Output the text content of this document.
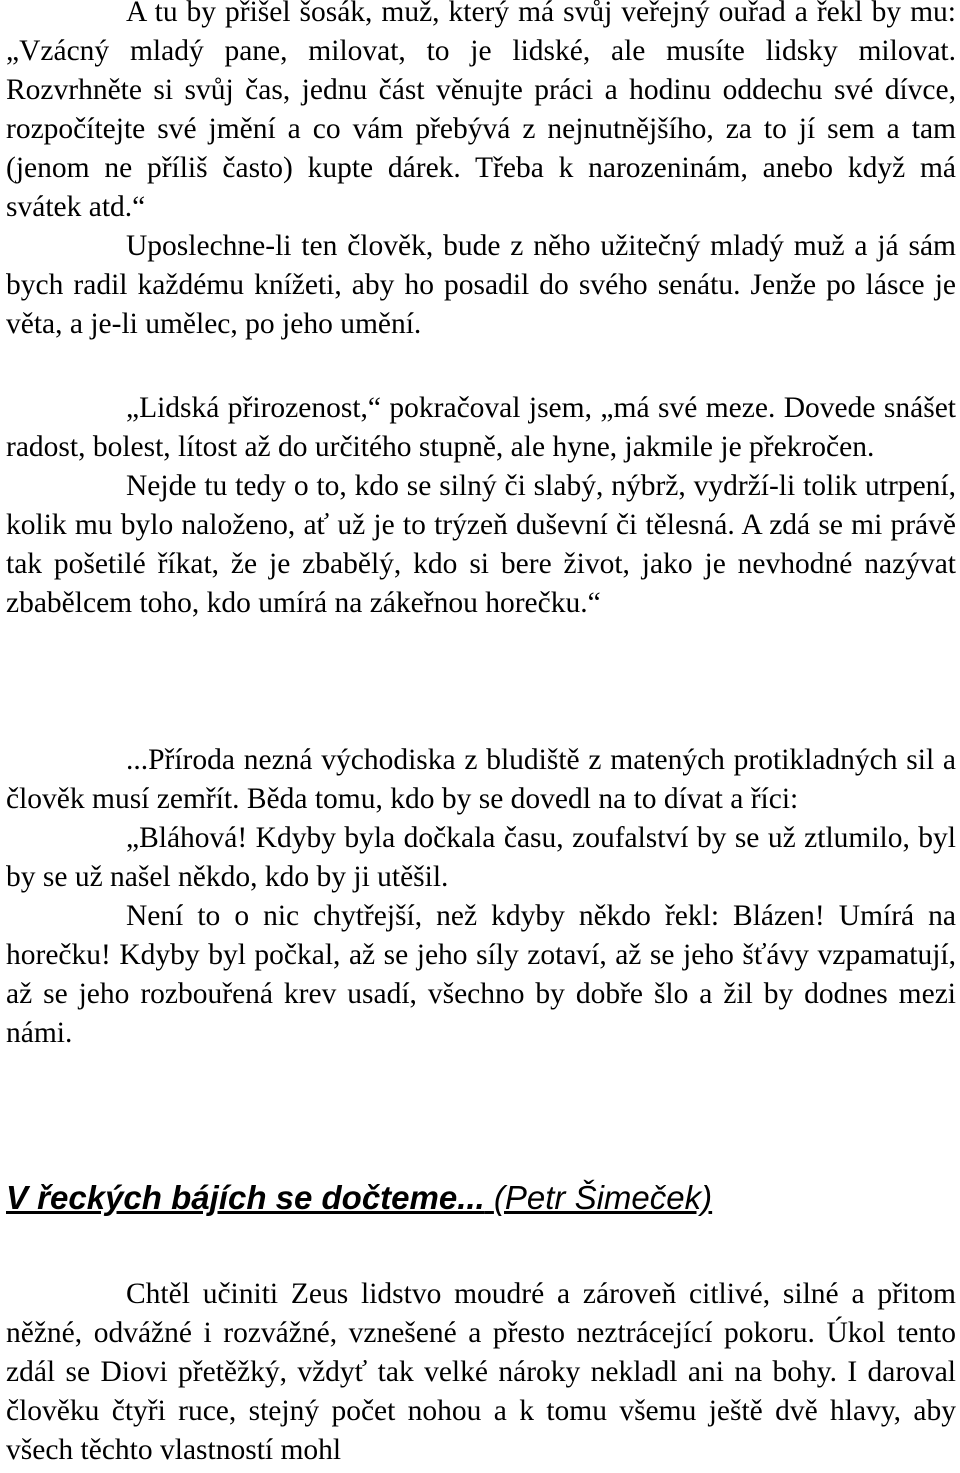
A tu by přišel šosák, muž, který má svůj veřejný ouřad a řekl by mu: „Vzácný mladý pane, milovat, to je lidské, ale musíte lidsky milovat. Rozvrhněte si svůj čas, jednu část věnujte práci a hodinu oddechu své dívce, rozpočítejte své jmění a co vám přebývá z nejnutnějšího, za to jí sem a tam (jenom ne příliš často) kupte dárek. Třeba k narozeninám, anebo když má svátek atd.“

Uposlechne-li ten člověk, bude z něho užitečný mladý muž a já sám bych radil každému knížeti, aby ho posadil do svého senátu. Jenže po lásce je věta, a je-li umělec, po jeho umění.

„Lidská přirozenost,“ pokračoval jsem, „má své meze. Dovede snášet radost, bolest, lítost až do určitého stupně, ale hyne, jakmile je překročen.

Nejde tu tedy o to, kdo se silný či slabý, nýbrž, vydrží-li tolik utrpení, kolik mu bylo naloženo, ať už je to trýzeň duševní či tělesná. A zdá se mi právě tak pošetilé říkat, že je zbabělý, kdo si bere život, jako je nevhodné nazývat zbabělcem toho, kdo umírá na zákeřnou horečku.“

...Příroda nezná východiska z bludiště z matených protikladných sil a člověk musí zemřít. Běda tomu, kdo by se dovedl na to dívat a říci:

„Bláhová! Kdyby byla dočkala času, zoufalství by se už ztlumilo, byl by se už našel někdo, kdo by ji utěšil.

Není to o nic chytřejší, než kdyby někdo řekl: Blázen! Umírá na horečku! Kdyby byl počkal, až se jeho síly zotaví, až se jeho šťávy vzpamatují, až se jeho rozbouřená krev usadí, všechno by dobře šlo a žil by dodnes mezi námi.

V řeckých bájích se dočteme... (Petr Šimeček)

Chtěl učiniti Zeus lidstvo moudré a zároveň citlivé, silné a přitom něžné, odvážné i rozvážné, vznešené a přesto neztrácející pokoru. Úkol tento zdál se Diovi přetěžký, vždyť tak velké nároky nekladl ani na bohy. I daroval člověku čtyři ruce, stejný počet nohou a k tomu všemu ještě dvě hlavy, aby všech těchto vlastností mohl
